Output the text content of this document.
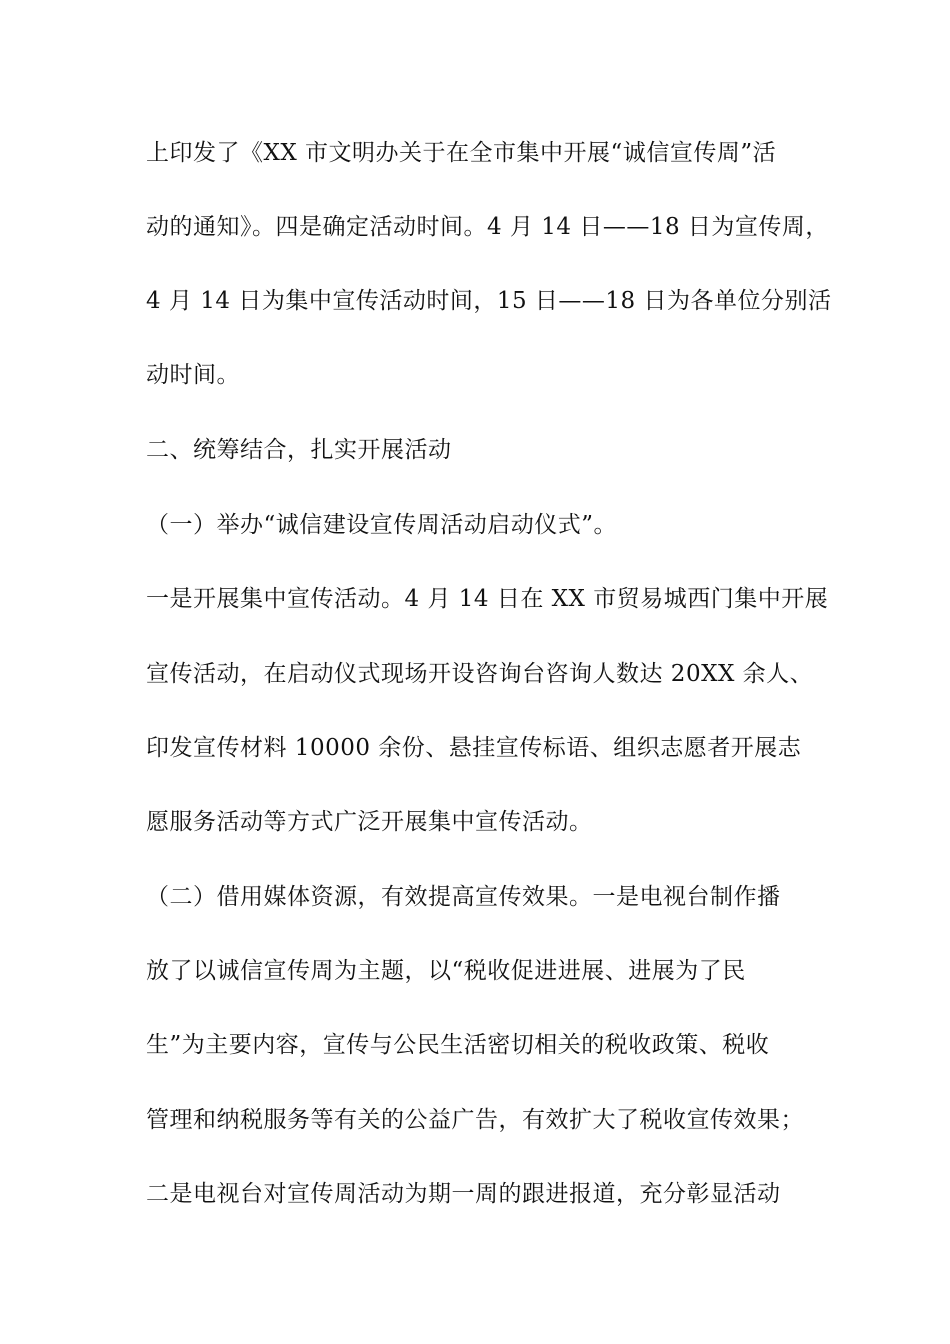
上印发了《XX 市文明办关于在全市集中开展“诚信宣传周”活
动的通知》。四是确定活动时间。4 月 14 日——18 日为宣传周，
4 月 14 日为集中宣传活动时间，15 日——18 日为各单位分别活
动时间。
二、统筹结合，扎实开展活动
（一）举办“诚信建设宣传周活动启动仪式”。
一是开展集中宣传活动。4 月 14 日在 XX 市贸易城西门集中开展
宣传活动，在启动仪式现场开设咨询台咨询人数达 20XX 余人、
印发宣传材料 10000 余份、悬挂宣传标语、组织志愿者开展志
愿服务活动等方式广泛开展集中宣传活动。
（二）借用媒体资源，有效提高宣传效果。一是电视台制作播
放了以诚信宣传周为主题，以“税收促进进展、进展为了民
生”为主要内容，宣传与公民生活密切相关的税收政策、税收
管理和纳税服务等有关的公益广告，有效扩大了税收宣传效果；
二是电视台对宣传周活动为期一周的跟进报道，充分彰显活动
